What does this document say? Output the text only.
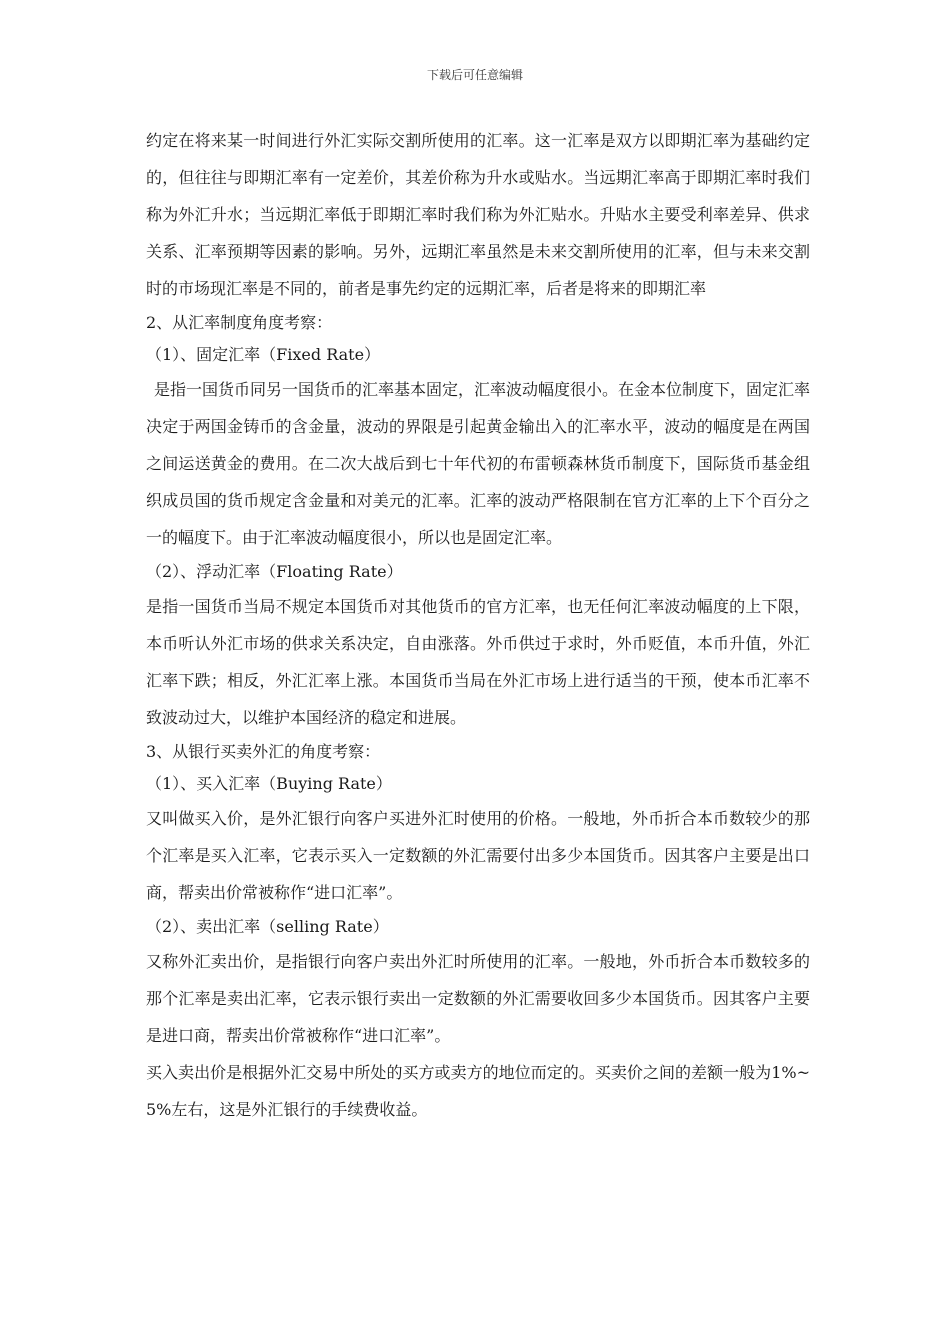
下载后可任意编辑

约定在将来某一时间进行外汇实际交割所使用的汇率。这一汇率是双方以即期汇率为基础约定的，但往往与即期汇率有一定差价，其差价称为升水或贴水。当远期汇率高于即期汇率时我们称为外汇升水；当远期汇率低于即期汇率时我们称为外汇贴水。升贴水主要受利率差异、供求关系、汇率预期等因素的影响。另外，远期汇率虽然是未来交割所使用的汇率，但与未来交割时的市场现汇率是不同的，前者是事先约定的远期汇率，后者是将来的即期汇率

2、从汇率制度角度考察：

（1）、固定汇率（Fixed Rate）

是指一国货币同另一国货币的汇率基本固定，汇率波动幅度很小。在金本位制度下，固定汇率决定于两国金铸币的含金量，波动的界限是引起黄金输出入的汇率水平，波动的幅度是在两国之间运送黄金的费用。在二次大战后到七十年代初的布雷顿森林货币制度下，国际货币基金组织成员国的货币规定含金量和对美元的汇率。汇率的波动严格限制在官方汇率的上下个百分之一的幅度下。由于汇率波动幅度很小，所以也是固定汇率。

（2）、浮动汇率（Floating Rate）

是指一国货币当局不规定本国货币对其他货币的官方汇率，也无任何汇率波动幅度的上下限，本币听认外汇市场的供求关系决定，自由涨落。外币供过于求时，外币贬值，本币升值，外汇汇率下跌；相反，外汇汇率上涨。本国货币当局在外汇市场上进行适当的干预，使本币汇率不致波动过大，以维护本国经济的稳定和进展。

3、从银行买卖外汇的角度考察：

（1）、买入汇率（Buying Rate）

又叫做买入价，是外汇银行向客户买进外汇时使用的价格。一般地，外币折合本币数较少的那个汇率是买入汇率，它表示买入一定数额的外汇需要付出多少本国货币。因其客户主要是出口商，帮卖出价常被称作“进口汇率”。

（2）、卖出汇率（selling Rate）

又称外汇卖出价，是指银行向客户卖出外汇时所使用的汇率。一般地，外币折合本币数较多的那个汇率是卖出汇率，它表示银行卖出一定数额的外汇需要收回多少本国货币。因其客户主要是进口商，帮卖出价常被称作“进口汇率”。

买入卖出价是根据外汇交易中所处的买方或卖方的地位而定的。买卖价之间的差额一般为1%~5%左右，这是外汇银行的手续费收益。
